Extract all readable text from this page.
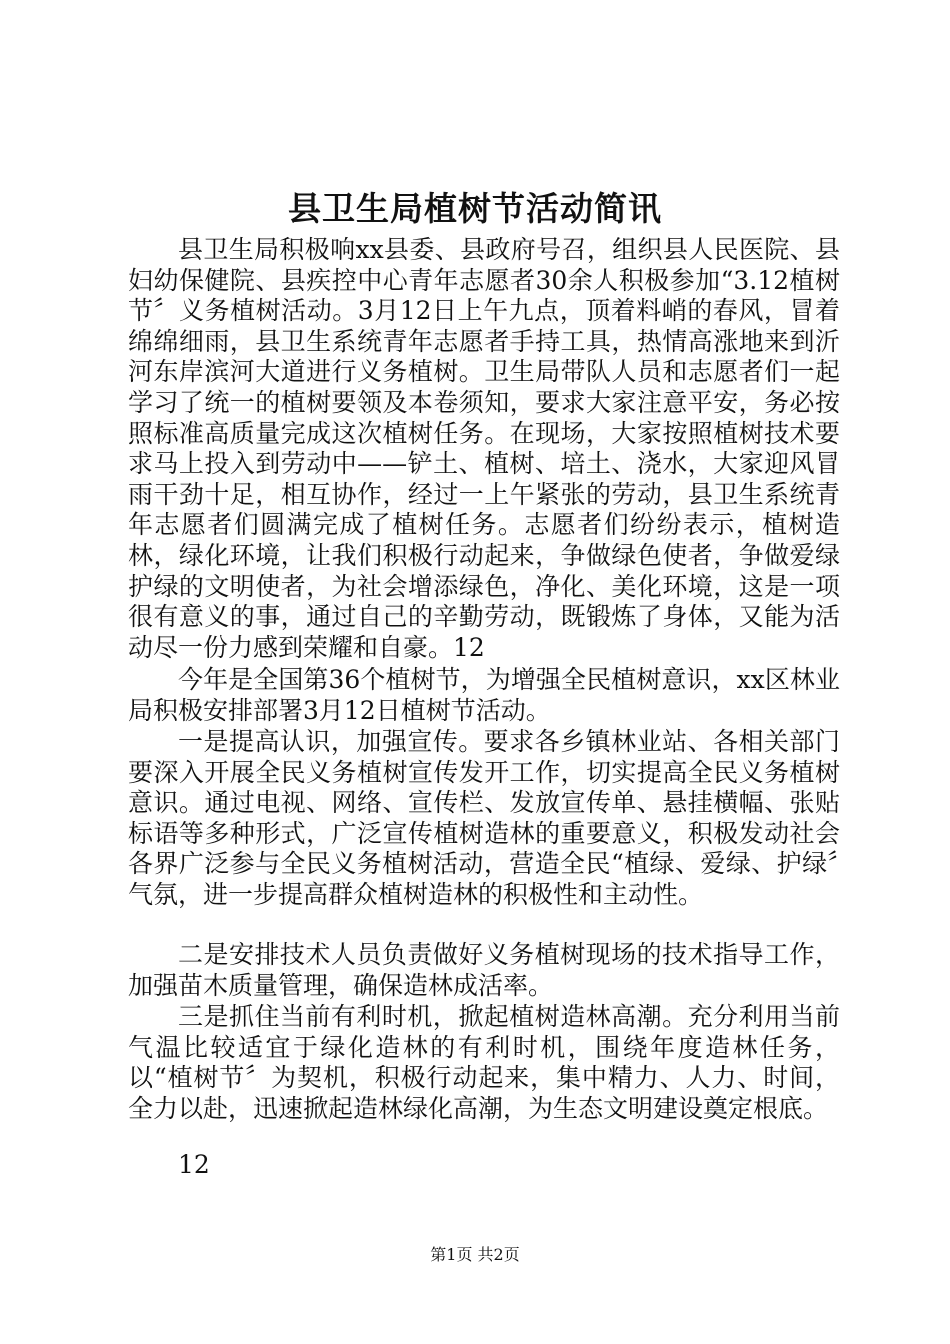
县卫生局植树节活动简讯

县卫生局积极响xx县委、县政府号召，组织县人民医院、县妇幼保健院、县疾控中心青年志愿者30余人积极参加“3.12植树节〞义务植树活动。3月12日上午九点，顶着料峭的春风，冒着绵绵细雨，县卫生系统青年志愿者手持工具，热情高涨地来到沂河东岸滨河大道进行义务植树。卫生局带队人员和志愿者们一起学习了统一的植树要领及本卷须知，要求大家注意平安，务必按照标准高质量完成这次植树任务。在现场，大家按照植树技术要求马上投入到劳动中——铲土、植树、培土、浇水，大家迎风冒雨干劲十足，相互协作，经过一上午紧张的劳动，县卫生系统青年志愿者们圆满完成了植树任务。志愿者们纷纷表示，植树造林，绿化环境，让我们积极行动起来，争做绿色使者，争做爱绿护绿的文明使者，为社会增添绿色，净化、美化环境，这是一项很有意义的事，通过自己的辛勤劳动，既锻炼了身体，又能为活动尽一份力感到荣耀和自豪。12

今年是全国第36个植树节，为增强全民植树意识，xx区林业局积极安排部署3月12日植树节活动。

一是提高认识，加强宣传。要求各乡镇林业站、各相关部门要深入开展全民义务植树宣传发开工作，切实提高全民义务植树意识。通过电视、网络、宣传栏、发放宣传单、悬挂横幅、张贴标语等多种形式，广泛宣传植树造林的重要意义，积极发动社会各界广泛参与全民义务植树活动，营造全民“植绿、爱绿、护绿〞气氛，进一步提高群众植树造林的积极性和主动性。

二是安排技术人员负责做好义务植树现场的技术指导工作，加强苗木质量管理，确保造林成活率。

三是抓住当前有利时机，掀起植树造林高潮。充分利用当前气温比较适宜于绿化造林的有利时机，围绕年度造林任务，以“植树节〞为契机，积极行动起来，集中精力、人力、时间，全力以赴，迅速掀起造林绿化高潮，为生态文明建设奠定根底。

12

第1页 共2页
